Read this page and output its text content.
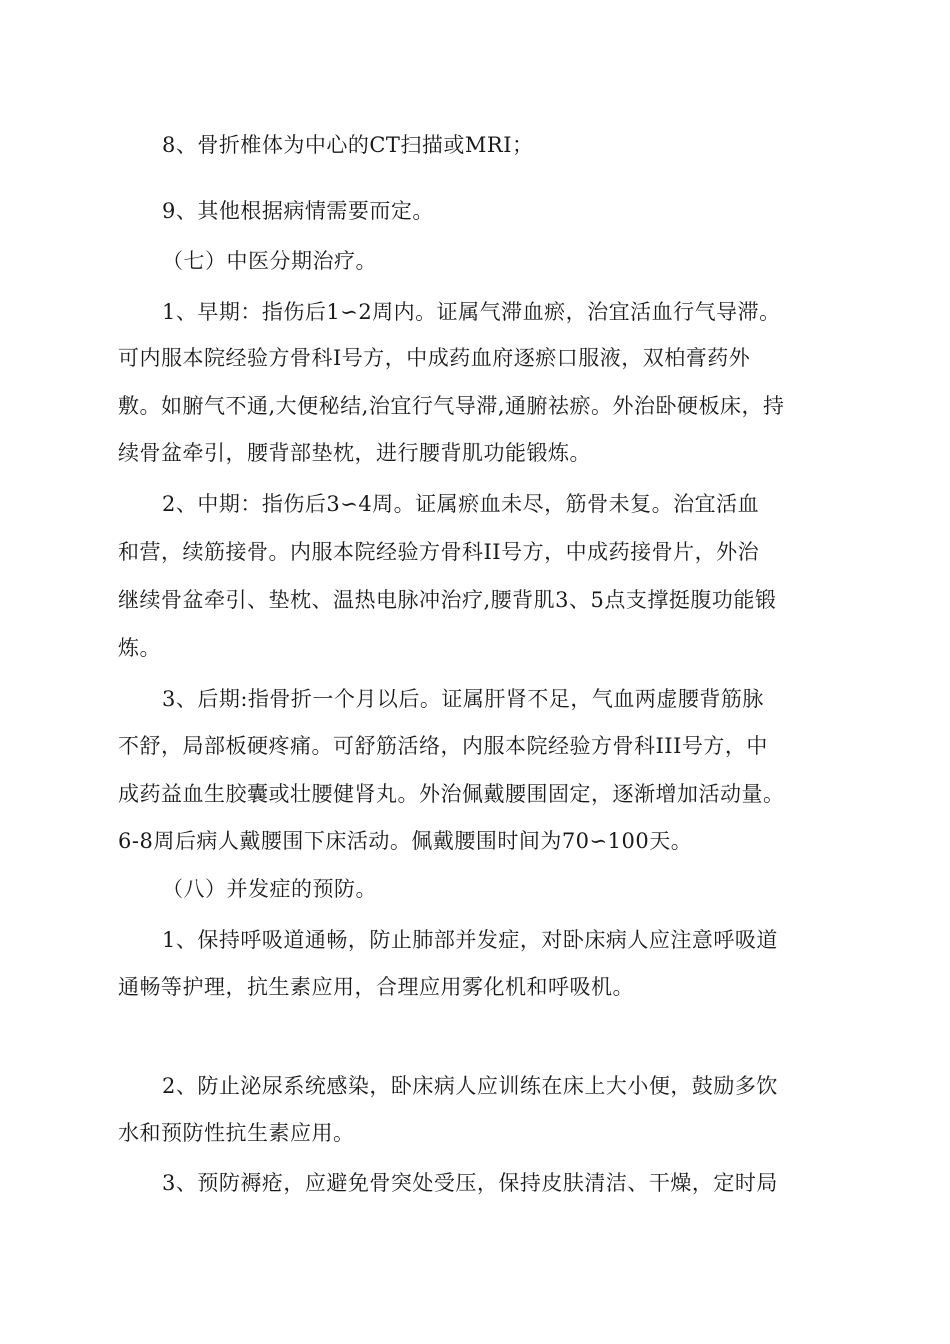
8、骨折椎体为中心的CT扫描或MRI；
9、其他根据病情需要而定。
（七）中医分期治疗。
1、早期：指伤后1∽2周内。证属气滞血瘀，治宜活血行气导滞。
可内服本院经验方骨科Ⅰ号方，中成药血府逐瘀口服液，双柏膏药外
敷。如腑气不通,大便秘结,治宜行气导滞,通腑祛瘀。外治卧硬板床，持
续骨盆牵引，腰背部垫枕，进行腰背肌功能锻炼。
2、中期：指伤后3∽4周。证属瘀血未尽，筋骨未复。治宜活血
和营，续筋接骨。内服本院经验方骨科II号方，中成药接骨片，外治
继续骨盆牵引、垫枕、温热电脉冲治疗,腰背肌3、5点支撑挺腹功能锻
炼。
3、后期:指骨折一个月以后。证属肝肾不足，气血两虚腰背筋脉
不舒，局部板硬疼痛。可舒筋活络，内服本院经验方骨科III号方，中
成药益血生胶囊或壮腰健肾丸。外治佩戴腰围固定，逐渐增加活动量。
6-8周后病人戴腰围下床活动。佩戴腰围时间为70∽100天。
（八）并发症的预防。
1、保持呼吸道通畅，防止肺部并发症，对卧床病人应注意呼吸道
通畅等护理，抗生素应用，合理应用雾化机和呼吸机。
2、防止泌尿系统感染，卧床病人应训练在床上大小便，鼓励多饮
水和预防性抗生素应用。
3、预防褥疮，应避免骨突处受压，保持皮肤清洁、干燥，定时局
